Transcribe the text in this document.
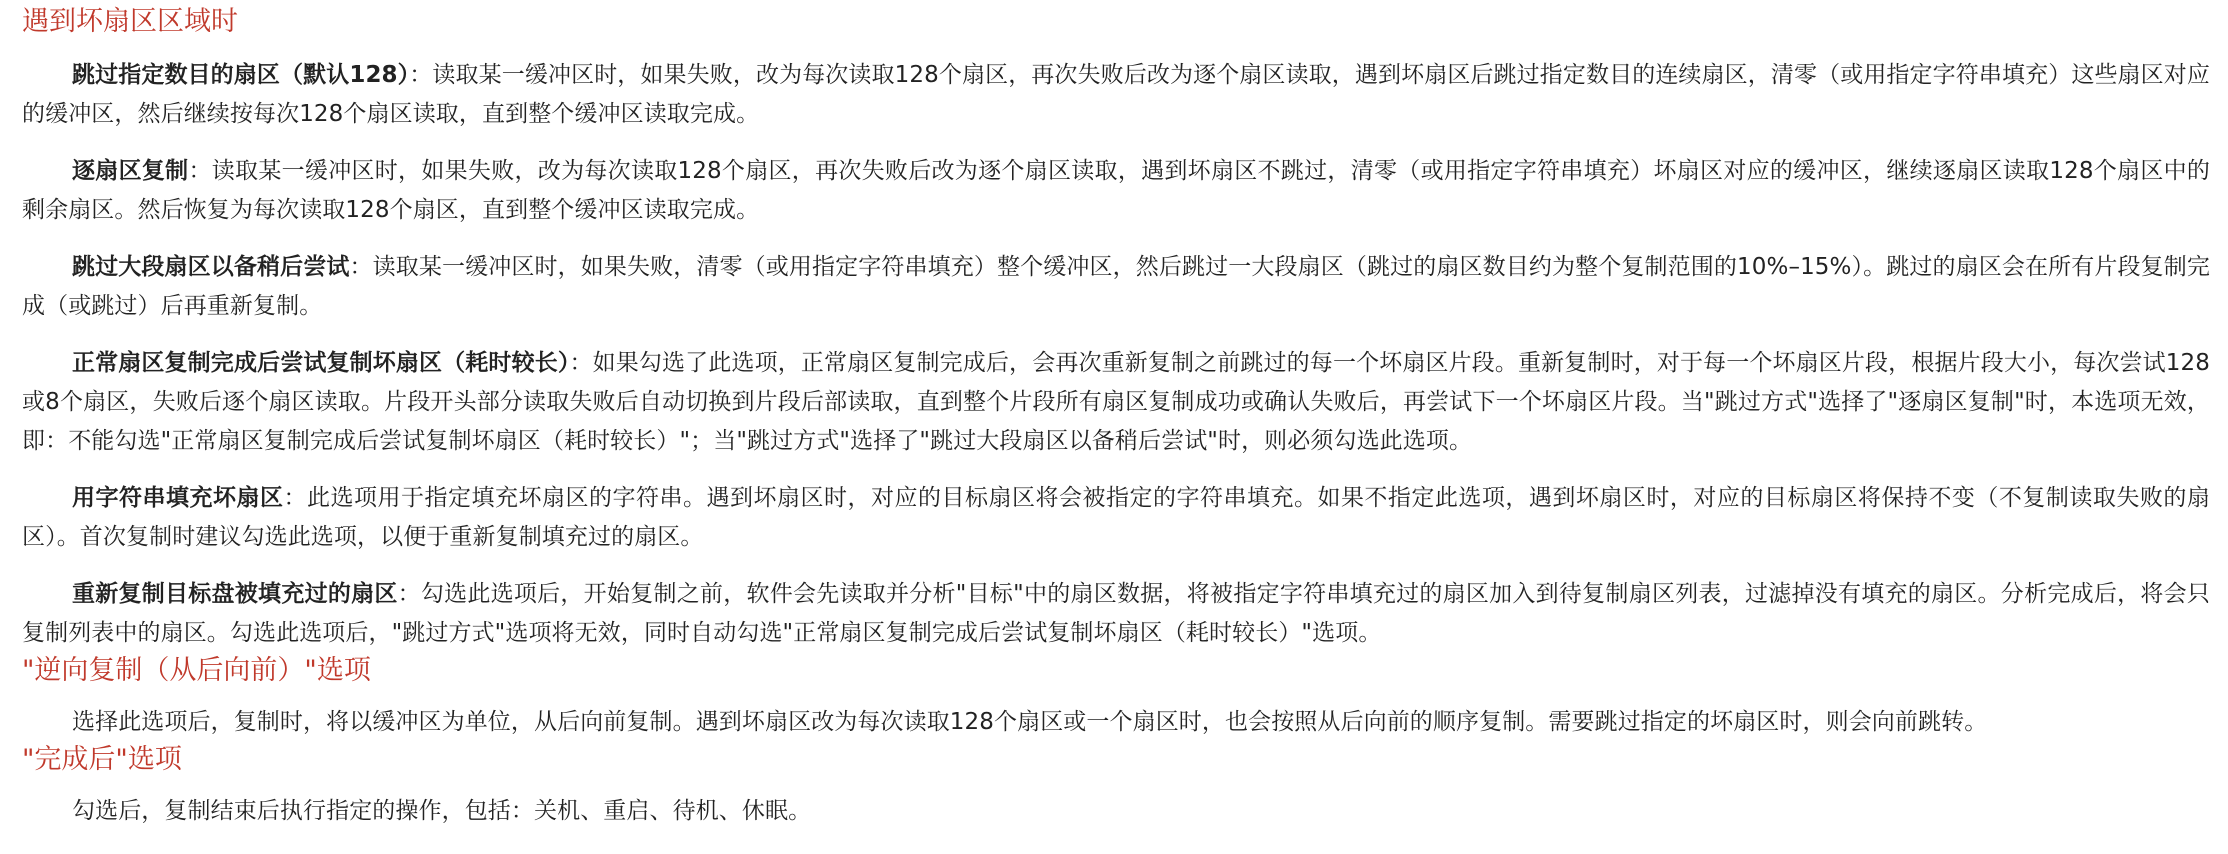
遇到坏扇区区域时

跳过指定数目的扇区（默认128）：读取某一缓冲区时，如果失败，改为每次读取128个扇区，再次失败后改为逐个扇区读取，遇到坏扇区后跳过指定数目的连续扇区，清零（或用指定字符串填充）这些扇区对应的缓冲区，然后继续按每次128个扇区读取，直到整个缓冲区读取完成。

逐扇区复制：读取某一缓冲区时，如果失败，改为每次读取128个扇区，再次失败后改为逐个扇区读取，遇到坏扇区不跳过，清零（或用指定字符串填充）坏扇区对应的缓冲区，继续逐扇区读取128个扇区中的剩余扇区。然后恢复为每次读取128个扇区，直到整个缓冲区读取完成。

跳过大段扇区以备稍后尝试：读取某一缓冲区时，如果失败，清零（或用指定字符串填充）整个缓冲区，然后跳过一大段扇区（跳过的扇区数目约为整个复制范围的10%–15%）。跳过的扇区会在所有片段复制完成（或跳过）后再重新复制。

正常扇区复制完成后尝试复制坏扇区（耗时较长）：如果勾选了此选项，正常扇区复制完成后，会再次重新复制之前跳过的每一个坏扇区片段。重新复制时，对于每一个坏扇区片段，根据片段大小，每次尝试128或8个扇区，失败后逐个扇区读取。片段开头部分读取失败后自动切换到片段后部读取，直到整个片段所有扇区复制成功或确认失败后，再尝试下一个坏扇区片段。当"跳过方式"选择了"逐扇区复制"时，本选项无效，即：不能勾选"正常扇区复制完成后尝试复制坏扇区（耗时较长）"；当"跳过方式"选择了"跳过大段扇区以备稍后尝试"时，则必须勾选此选项。

用字符串填充坏扇区：此选项用于指定填充坏扇区的字符串。遇到坏扇区时，对应的目标扇区将会被指定的字符串填充。如果不指定此选项，遇到坏扇区时，对应的目标扇区将保持不变（不复制读取失败的扇区）。首次复制时建议勾选此选项，以便于重新复制填充过的扇区。

重新复制目标盘被填充过的扇区：勾选此选项后，开始复制之前，软件会先读取并分析"目标"中的扇区数据，将被指定字符串填充过的扇区加入到待复制扇区列表，过滤掉没有填充的扇区。分析完成后，将会只复制列表中的扇区。勾选此选项后，"跳过方式"选项将无效，同时自动勾选"正常扇区复制完成后尝试复制坏扇区（耗时较长）"选项。

"逆向复制（从后向前）"选项

选择此选项后，复制时，将以缓冲区为单位，从后向前复制。遇到坏扇区改为每次读取128个扇区或一个扇区时，也会按照从后向前的顺序复制。需要跳过指定的坏扇区时，则会向前跳转。

"完成后"选项

勾选后，复制结束后执行指定的操作，包括：关机、重启、待机、休眠。
